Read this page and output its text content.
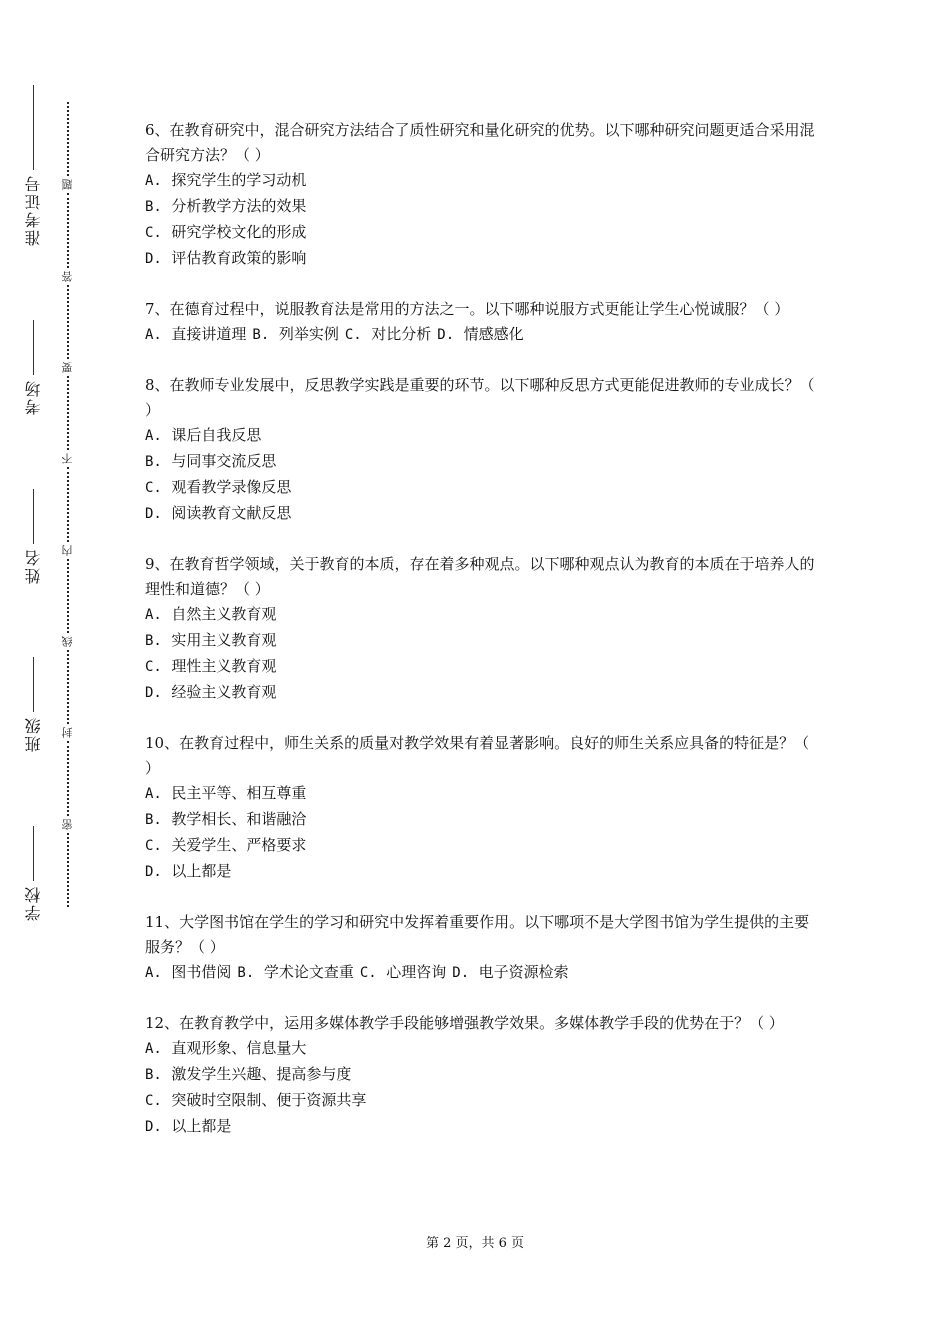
准考证号
考场
姓名
班级
学校
题
答
要
不
内
线
封
密

6、在教育研究中，混合研究方法结合了质性研究和量化研究的优势。以下哪种研究问题更适合采用混合研究方法？（ ）

A. 探究学生的学习动机

B. 分析教学方法的效果

C. 研究学校文化的形成

D. 评估教育政策的影响

7、在德育过程中，说服教育法是常用的方法之一。以下哪种说服方式更能让学生心悦诚服？（ ）

A. 直接讲道理 B. 列举实例 C. 对比分析 D. 情感感化

8、在教师专业发展中，反思教学实践是重要的环节。以下哪种反思方式更能促进教师的专业成长？（ ）

A. 课后自我反思

B. 与同事交流反思

C. 观看教学录像反思

D. 阅读教育文献反思

9、在教育哲学领域，关于教育的本质，存在着多种观点。以下哪种观点认为教育的本质在于培养人的理性和道德？（ ）

A. 自然主义教育观

B. 实用主义教育观

C. 理性主义教育观

D. 经验主义教育观

10、在教育过程中，师生关系的质量对教学效果有着显著影响。良好的师生关系应具备的特征是？（ ）

A. 民主平等、相互尊重

B. 教学相长、和谐融洽

C. 关爱学生、严格要求

D. 以上都是

11、大学图书馆在学生的学习和研究中发挥着重要作用。以下哪项不是大学图书馆为学生提供的主要服务？（ ）

A. 图书借阅 B. 学术论文查重 C. 心理咨询 D. 电子资源检索

12、在教育教学中，运用多媒体教学手段能够增强教学效果。多媒体教学手段的优势在于？（ ）

A. 直观形象、信息量大

B. 激发学生兴趣、提高参与度

C. 突破时空限制、便于资源共享

D. 以上都是

第 2 页，共 6 页
